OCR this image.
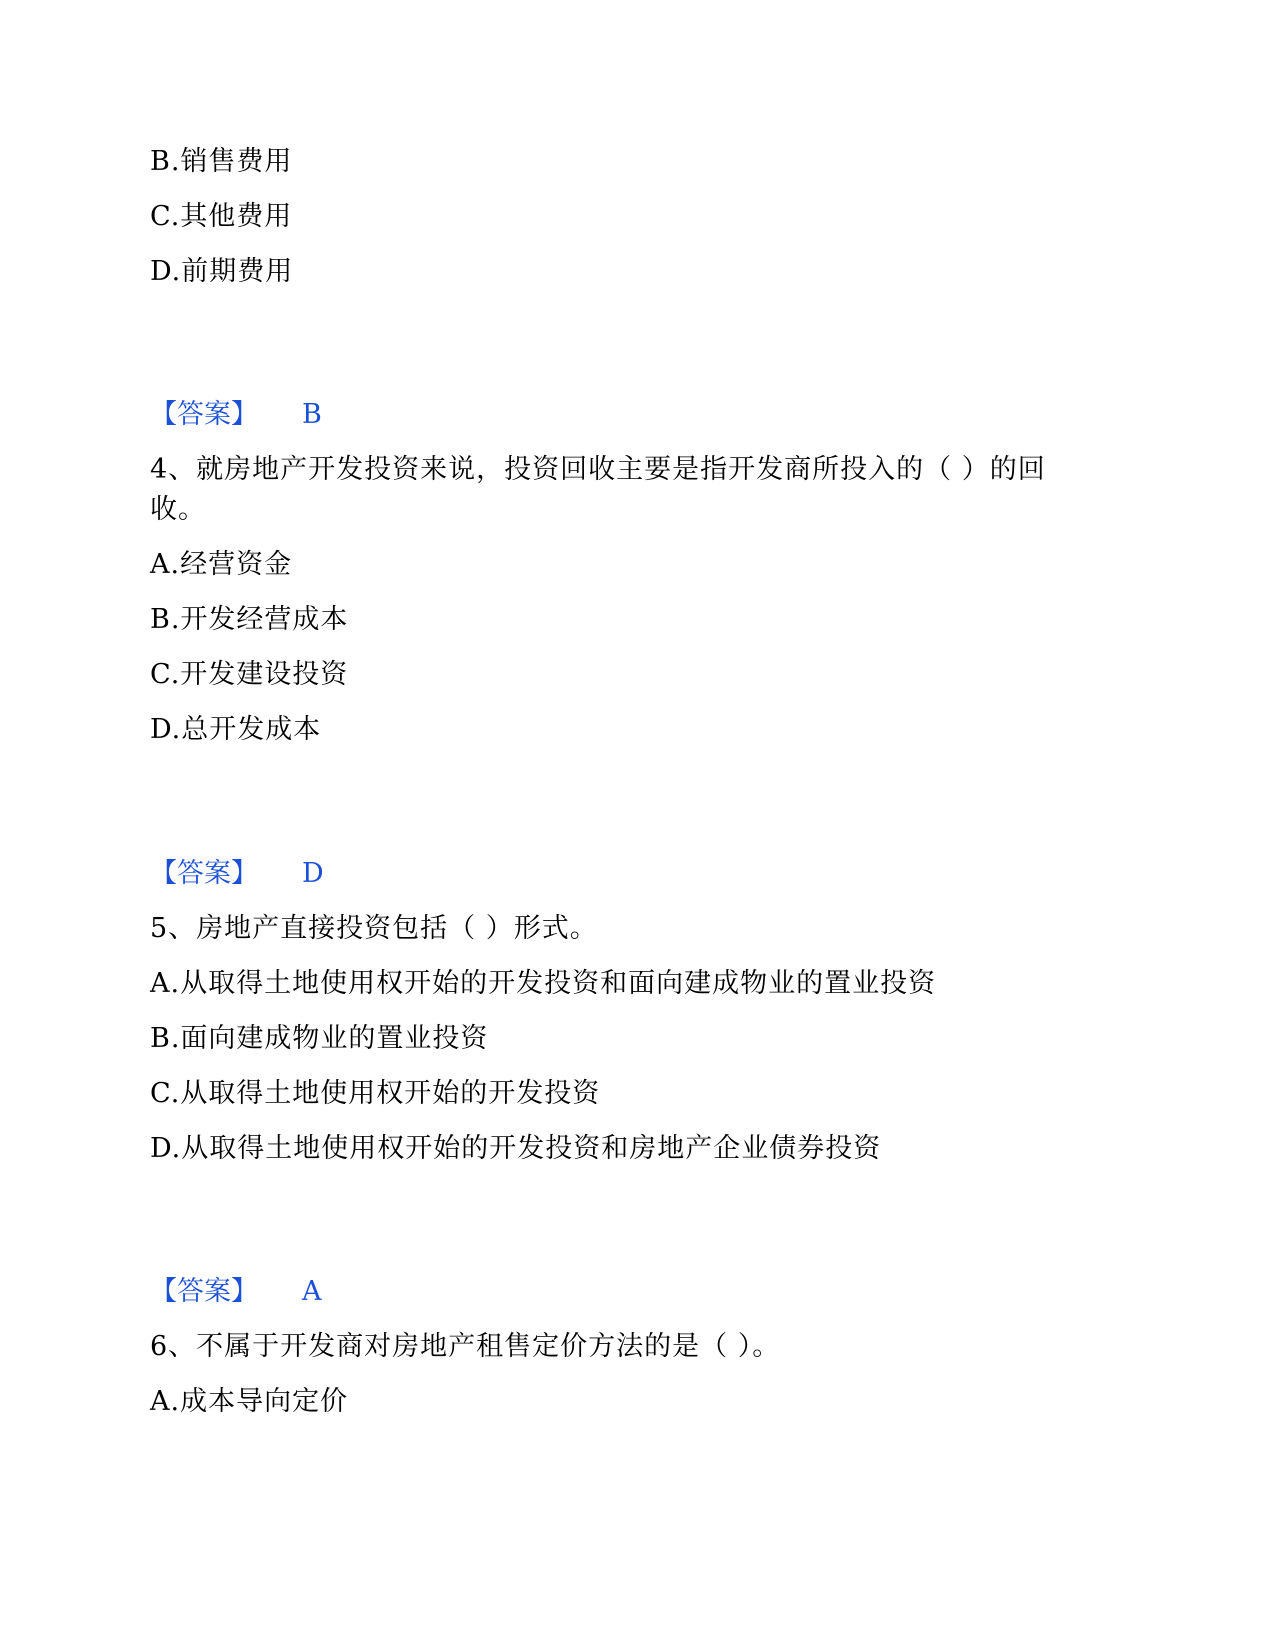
B.销售费用
C.其他费用
D.前期费用
【答案】 B
4、就房地产开发投资来说，投资回收主要是指开发商所投入的（ ）的回
收。
A.经营资金
B.开发经营成本
C.开发建设投资
D.总开发成本
【答案】 D
5、房地产直接投资包括（ ）形式。
A.从取得土地使用权开始的开发投资和面向建成物业的置业投资
B.面向建成物业的置业投资
C.从取得土地使用权开始的开发投资
D.从取得土地使用权开始的开发投资和房地产企业债券投资
【答案】 A
6、不属于开发商对房地产租售定价方法的是（ ）。
A.成本导向定价
